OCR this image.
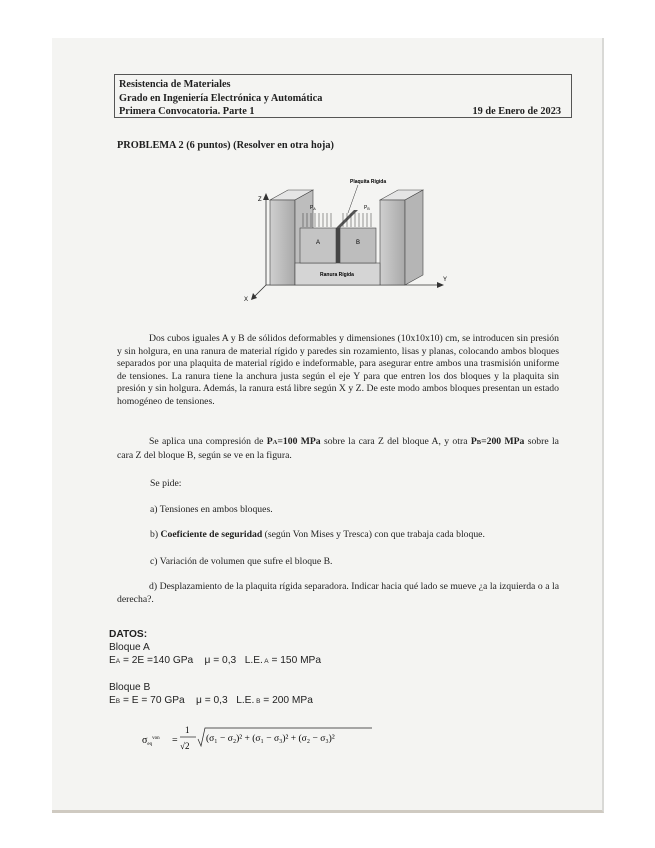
Resistencia de Materiales
Grado en Ingeniería Electrónica y Automática
Primera Convocatoria. Parte 1	19 de Enero de 2023
PROBLEMA 2 (6 puntos) (Resolver en otra hoja)
Z
Y
X
Ranura Rígida
A	B
Plaquita Rígida
$P_A$	$P_B$
Dos cubos iguales A y B de sólidos deformables y dimensiones (10x10x10) cm, se introducen sin presión y sin holgura, en una ranura de material rígido y paredes sin rozamiento, lisas y planas, colocando ambos bloques separados por una plaquita de material rígido e indeformable, para asegurar entre ambos una trasmisión uniforme de tensiones. La ranura tiene la anchura justa según el eje Y para que entren los dos bloques y la plaquita sin presión y sin holgura. Además, la ranura está libre según X y Z. De este modo ambos bloques presentan un estado homogéneo de tensiones.
Se aplica una compresión de PA=100 MPa sobre la cara Z del bloque A, y otra PB=200 MPa sobre la cara Z del bloque B, según se ve en la figura.
Se pide:
a) Tensiones en ambos bloques.
b) Coeficiente de seguridad (según Von Mises y Tresca) con que trabaja cada bloque.
c) Variación de volumen que sufre el bloque B.
d) Desplazamiento de la plaquita rígida separadora. Indicar hacia qué lado se mueve ¿a la izquierda o a la derecha?.
DATOS:
Bloque A
EA = 2E =140 GPa μ = 0,3 L.E. A = 150 MPa
Bloque B
EB = E = 70 GPa μ = 0,3 L.E. B = 200 MPa
$\sigma_{eq}^{von}$ =
1
√2
(σ₁ − σ₂)² + (σ₁ − σ₃)² + (σ₂ − σ₃)²
